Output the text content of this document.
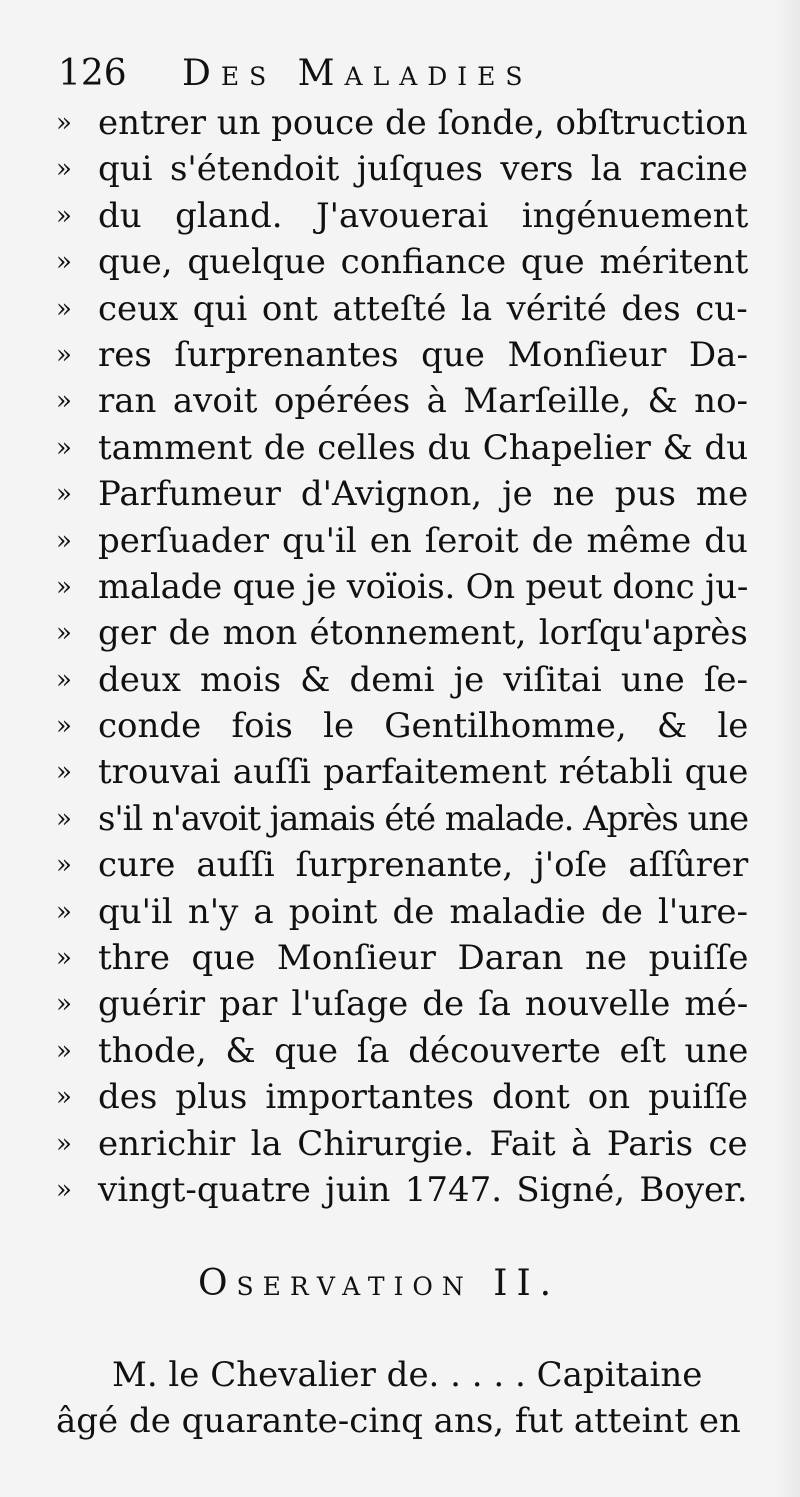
126 Des Maladies
» entrer un pouce de ſonde, obſtruction
» qui s'étendoit juſques vers la racine
» du gland. J'avouerai ingénuement
» que, quelque confiance que méritent
» ceux qui ont atteſté la vérité des cu-
» res ſurprenantes que Monſieur Da-
» ran avoit opérées à Marſeille, & no-
» tamment de celles du Chapelier & du
» Parfumeur d'Avignon, je ne pus me
» perſuader qu'il en ſeroit de même du
» malade que je voïois. On peut donc ju-
» ger de mon étonnement, lorſqu'après
» deux mois & demi je viſitai une ſe-
» conde fois le Gentilhomme, & le
» trouvai auſſi parfaitement rétabli que
» s'il n'avoit jamais été malade. Après une
» cure auſſi ſurprenante, j'oſe aſſûrer
» qu'il n'y a point de maladie de l'ure-
» thre que Monſieur Daran ne puiſſe
» guérir par l'uſage de ſa nouvelle mé-
» thode, & que ſa découverte eſt une
» des plus importantes dont on puiſſe
» enrichir la Chirurgie. Fait à Paris ce
» vingt-quatre juin 1747. Signé, Boyer.
Oservation II.
M. le Chevalier de. . . . . Capitaine
âgé de quarante-cinq ans, fut atteint en
